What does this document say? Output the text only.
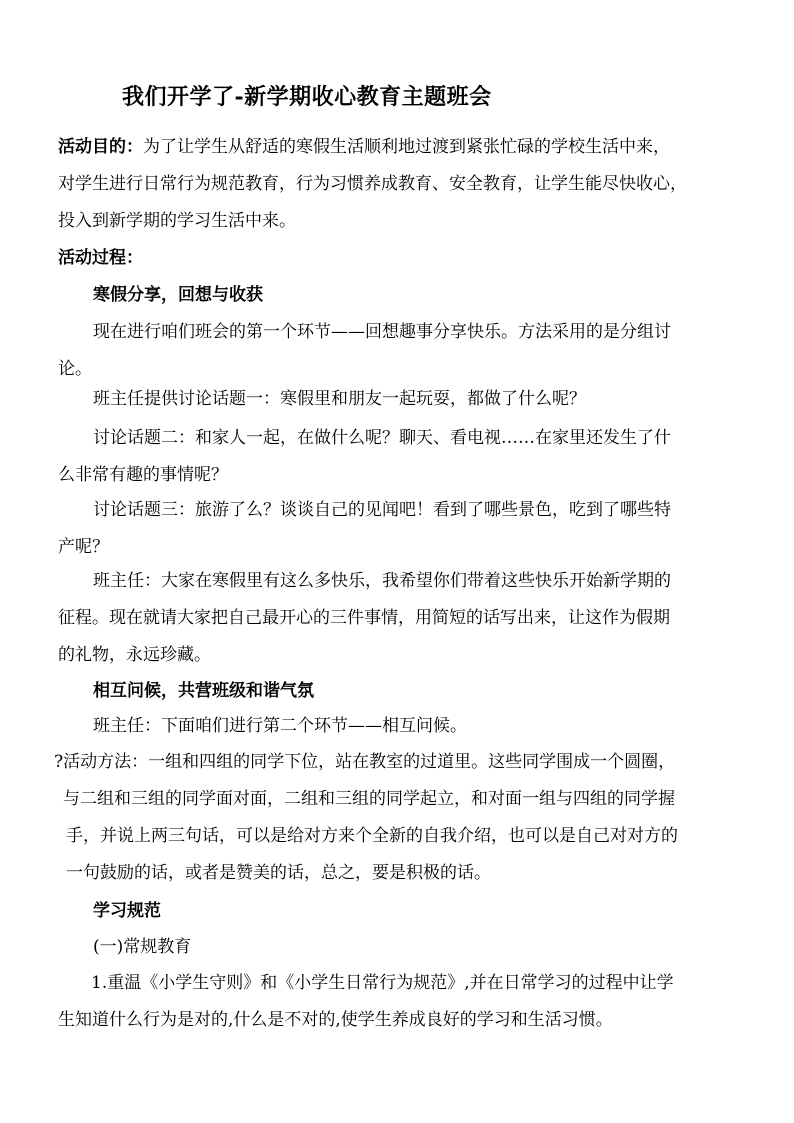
我们开学了-新学期收心教育主题班会
活动目的：为了让学生从舒适的寒假生活顺利地过渡到紧张忙碌的学校生活中来，
对学生进行日常行为规范教育，行为习惯养成教育、安全教育，让学生能尽快收心，
投入到新学期的学习生活中来。
活动过程：
寒假分享，回想与收获
现在进行咱们班会的第一个环节——回想趣事分享快乐。方法采用的是分组讨
论。
班主任提供讨论话题一：寒假里和朋友一起玩耍，都做了什么呢？
讨论话题二：和家人一起，在做什么呢？聊天、看电视……在家里还发生了什
么非常有趣的事情呢？
讨论话题三：旅游了么？谈谈自己的见闻吧！看到了哪些景色，吃到了哪些特
产呢？
班主任：大家在寒假里有这么多快乐，我希望你们带着这些快乐开始新学期的
征程。现在就请大家把自己最开心的三件事情，用简短的话写出来，让这作为假期
的礼物，永远珍藏。
相互问候，共营班级和谐气氛
班主任：下面咱们进行第二个环节——相互问候。
?活动方法：一组和四组的同学下位，站在教室的过道里。这些同学围成一个圆圈，
与二组和三组的同学面对面，二组和三组的同学起立，和对面一组与四组的同学握
手，并说上两三句话，可以是给对方来个全新的自我介绍，也可以是自己对对方的
一句鼓励的话，或者是赞美的话，总之，要是积极的话。
学习规范
(一)常规教育
1.重温《小学生守则》和《小学生日常行为规范》,并在日常学习的过程中让学
生知道什么行为是对的,什么是不对的,使学生养成良好的学习和生活习惯。
